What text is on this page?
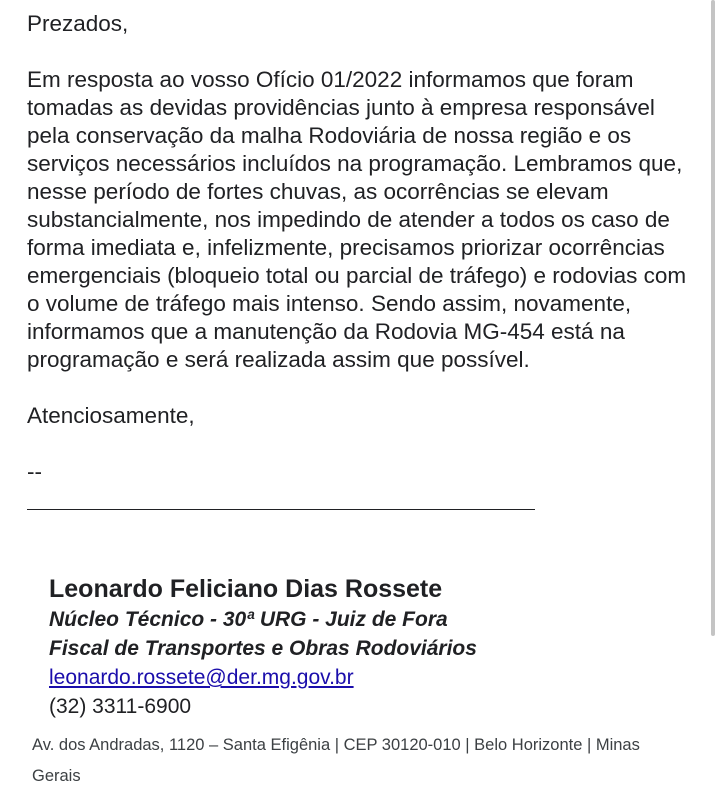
Prezados,
Em resposta ao vosso Ofício 01/2022 informamos que foram tomadas as devidas providências junto à empresa responsável pela conservação da malha Rodoviária de nossa região e os serviços necessários incluídos na programação. Lembramos que, nesse período de fortes chuvas, as ocorrências se elevam substancialmente, nos impedindo de atender a todos os caso de forma imediata e, infelizmente, precisamos priorizar ocorrências emergenciais (bloqueio total ou parcial de tráfego) e rodovias com o volume de tráfego mais intenso. Sendo assim, novamente, informamos que a manutenção da Rodovia MG-454 está na programação e será realizada assim que possível.
Atenciosamente,
--
Leonardo Feliciano Dias Rossete
Núcleo Técnico - 30ª URG - Juiz de Fora
Fiscal de Transportes e Obras Rodoviários
leonardo.rossete@der.mg.gov.br
(32) 3311-6900
Av. dos Andradas, 1120 – Santa Efigênia | CEP 30120-010 | Belo Horizonte | Minas Gerais
